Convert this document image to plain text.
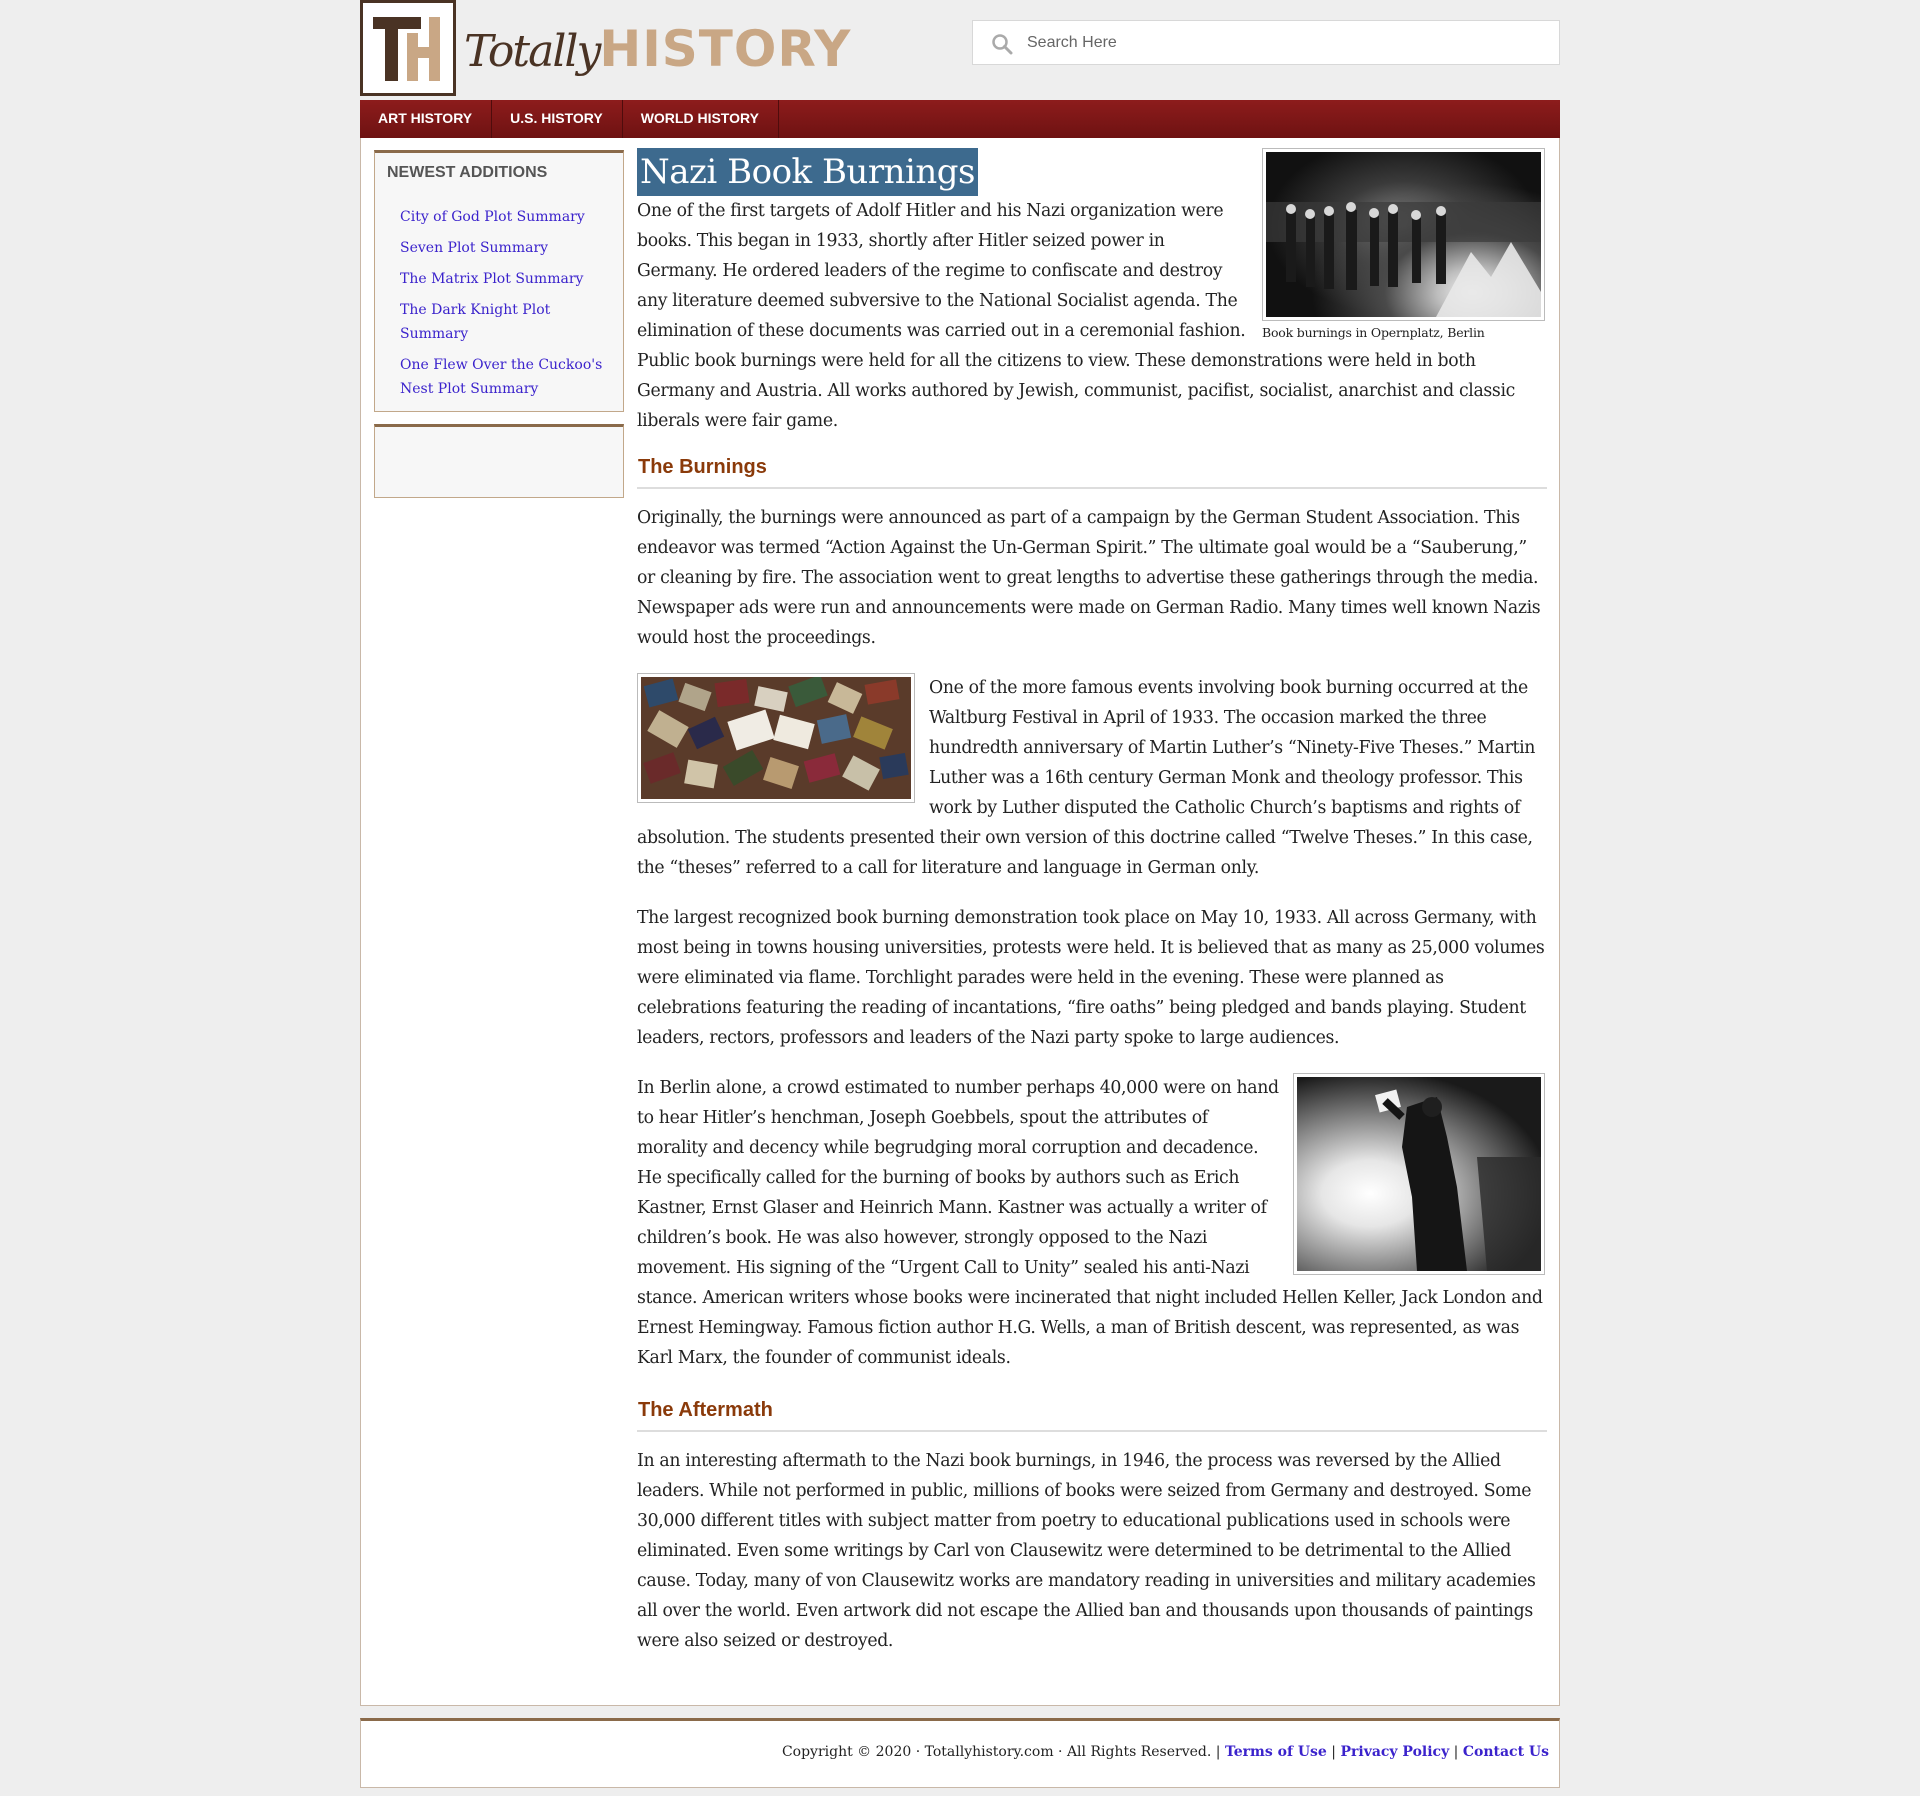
TotallyHISTORY
Search Here
ART HISTORY	U.S. HISTORY	WORLD HISTORY
NEWEST ADDITIONS
City of God Plot Summary
Seven Plot Summary
The Matrix Plot Summary
The Dark Knight Plot Summary
One Flew Over the Cuckoo's Nest Plot Summary
Nazi Book Burnings
Book burnings in Opernplatz, Berlin

One of the first targets of Adolf Hitler and his Nazi organization were books. This began in 1933, shortly after Hitler seized power in Germany. He ordered leaders of the regime to confiscate and destroy any literature deemed subversive to the National Socialist agenda. The elimination of these documents was carried out in a ceremonial fashion. Public book burnings were held for all the citizens to view. These demonstrations were held in both Germany and Austria. All works authored by Jewish, communist, pacifist, socialist, anarchist and classic liberals were fair game.

The Burnings

Originally, the burnings were announced as part of a campaign by the German Student Association. This endeavor was termed “Action Against the Un-German Spirit.” The ultimate goal would be a “Sauberung,” or cleaning by fire. The association went to great lengths to advertise these gatherings through the media. Newspaper ads were run and announcements were made on German Radio. Many times well known Nazis would host the proceedings.

One of the more famous events involving book burning occurred at the Waltburg Festival in April of 1933. The occasion marked the three hundredth anniversary of Martin Luther’s “Ninety-Five Theses.” Martin Luther was a 16th century German Monk and theology professor. This work by Luther disputed the Catholic Church’s baptisms and rights of absolution. The students presented their own version of this doctrine called “Twelve Theses.” In this case, the “theses” referred to a call for literature and language in German only.

The largest recognized book burning demonstration took place on May 10, 1933. All across Germany, with most being in towns housing universities, protests were held. It is believed that as many as 25,000 volumes were eliminated via flame. Torchlight parades were held in the evening. These were planned as celebrations featuring the reading of incantations, “fire oaths” being pledged and bands playing. Student leaders, rectors, professors and leaders of the Nazi party spoke to large audiences.

In Berlin alone, a crowd estimated to number perhaps 40,000 were on hand to hear Hitler’s henchman, Joseph Goebbels, spout the attributes of morality and decency while begrudging moral corruption and decadence. He specifically called for the burning of books by authors such as Erich Kastner, Ernst Glaser and Heinrich Mann. Kastner was actually a writer of children’s book. He was also however, strongly opposed to the Nazi movement. His signing of the “Urgent Call to Unity” sealed his anti-Nazi stance. American writers whose books were incinerated that night included Hellen Keller, Jack London and Ernest Hemingway. Famous fiction author H.G. Wells, a man of British descent, was represented, as was Karl Marx, the founder of communist ideals.

The Aftermath

In an interesting aftermath to the Nazi book burnings, in 1946, the process was reversed by the Allied leaders. While not performed in public, millions of books were seized from Germany and destroyed. Some 30,000 different titles with subject matter from poetry to educational publications used in schools were eliminated. Even some writings by Carl von Clausewitz were determined to be detrimental to the Allied cause. Today, many of von Clausewitz works are mandatory reading in universities and military academies all over the world. Even artwork did not escape the Allied ban and thousands upon thousands of paintings were also seized or destroyed.

Copyright © 2020 · Totallyhistory.com · All Rights Reserved. | Terms of Use | Privacy Policy | Contact Us
